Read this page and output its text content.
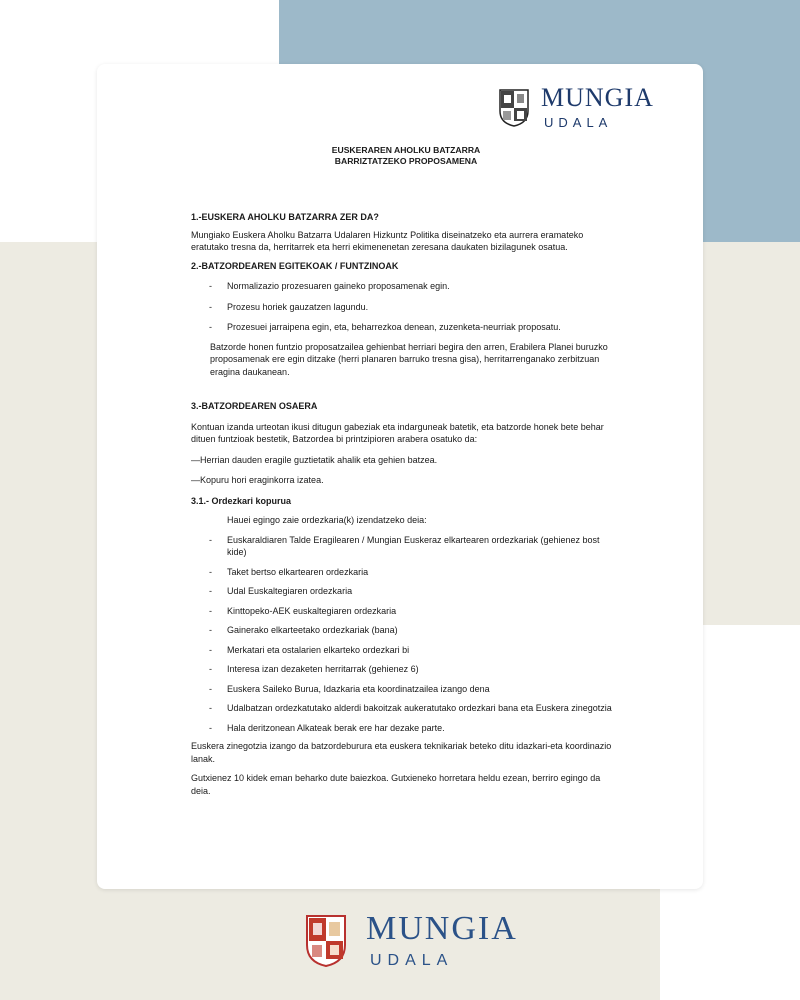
MUNGIA
UDALA

EUSKERAREN AHOLKU BATZARRA

BARRIZTATZEKO PROPOSAMENA

1.-EUSKERA AHOLKU BATZARRA ZER DA?

Mungiako Euskera Aholku Batzarra Udalaren Hizkuntz Politika diseinatzeko eta aurrera eramateko eratutako tresna da, herritarrek eta herri ekimenenetan zeresana daukaten bizilagunek osatua.

2.-BATZORDEAREN EGITEKOAK / FUNTZINOAK

- Normalizazio prozesuaren gaineko proposamenak egin.

- Prozesu horiek gauzatzen lagundu.

- Prozesuei jarraipena egin, eta, beharrezkoa denean, zuzenketa-neurriak proposatu.

Batzorde honen funtzio proposatzailea gehienbat herriari begira den arren, Erabilera Planei buruzko proposamenak ere egin ditzake (herri planaren barruko tresna gisa), herritarrenganako zerbitzuan eragina daukanean.

3.-BATZORDEAREN OSAERA

Kontuan izanda urteotan ikusi ditugun gabeziak eta indarguneak batetik, eta batzorde honek bete behar dituen funtzioak bestetik, Batzordea bi printzipioren arabera osatuko da:

—Herrian dauden eragile guztietatik ahalik eta gehien batzea.

—Kopuru hori eraginkorra izatea.

3.1.- Ordezkari kopurua

Hauei egingo zaie ordezkaria(k) izendatzeko deia:

- Euskaraldiaren Talde Eragilearen / Mungian Euskeraz elkartearen ordezkariak (gehienez bost kide)

- Taket bertso elkartearen ordezkaria

- Udal Euskaltegiaren ordezkaria

- Kinttopeko-AEK euskaltegiaren ordezkaria

- Gainerako elkarteetako ordezkariak (bana)

- Merkatari eta ostalarien elkarteko ordezkari bi

- Interesa izan dezaketen herritarrak (gehienez 6)

- Euskera Saileko Burua, Idazkaria eta koordinatzailea izango dena

- Udalbatzan ordezkatutako alderdi bakoitzak aukeratutako ordezkari bana eta Euskera zinegotzia

- Hala deritzonean Alkateak berak ere har dezake parte.

Euskera zinegotzia izango da batzordeburura eta euskera teknikariak beteko ditu idazkari-eta koordinazio lanak.

Gutxienez 10 kidek eman beharko dute baiezkoa. Gutxieneko horretara heldu ezean, berriro egingo da deia.

MUNGIA
UDALA
